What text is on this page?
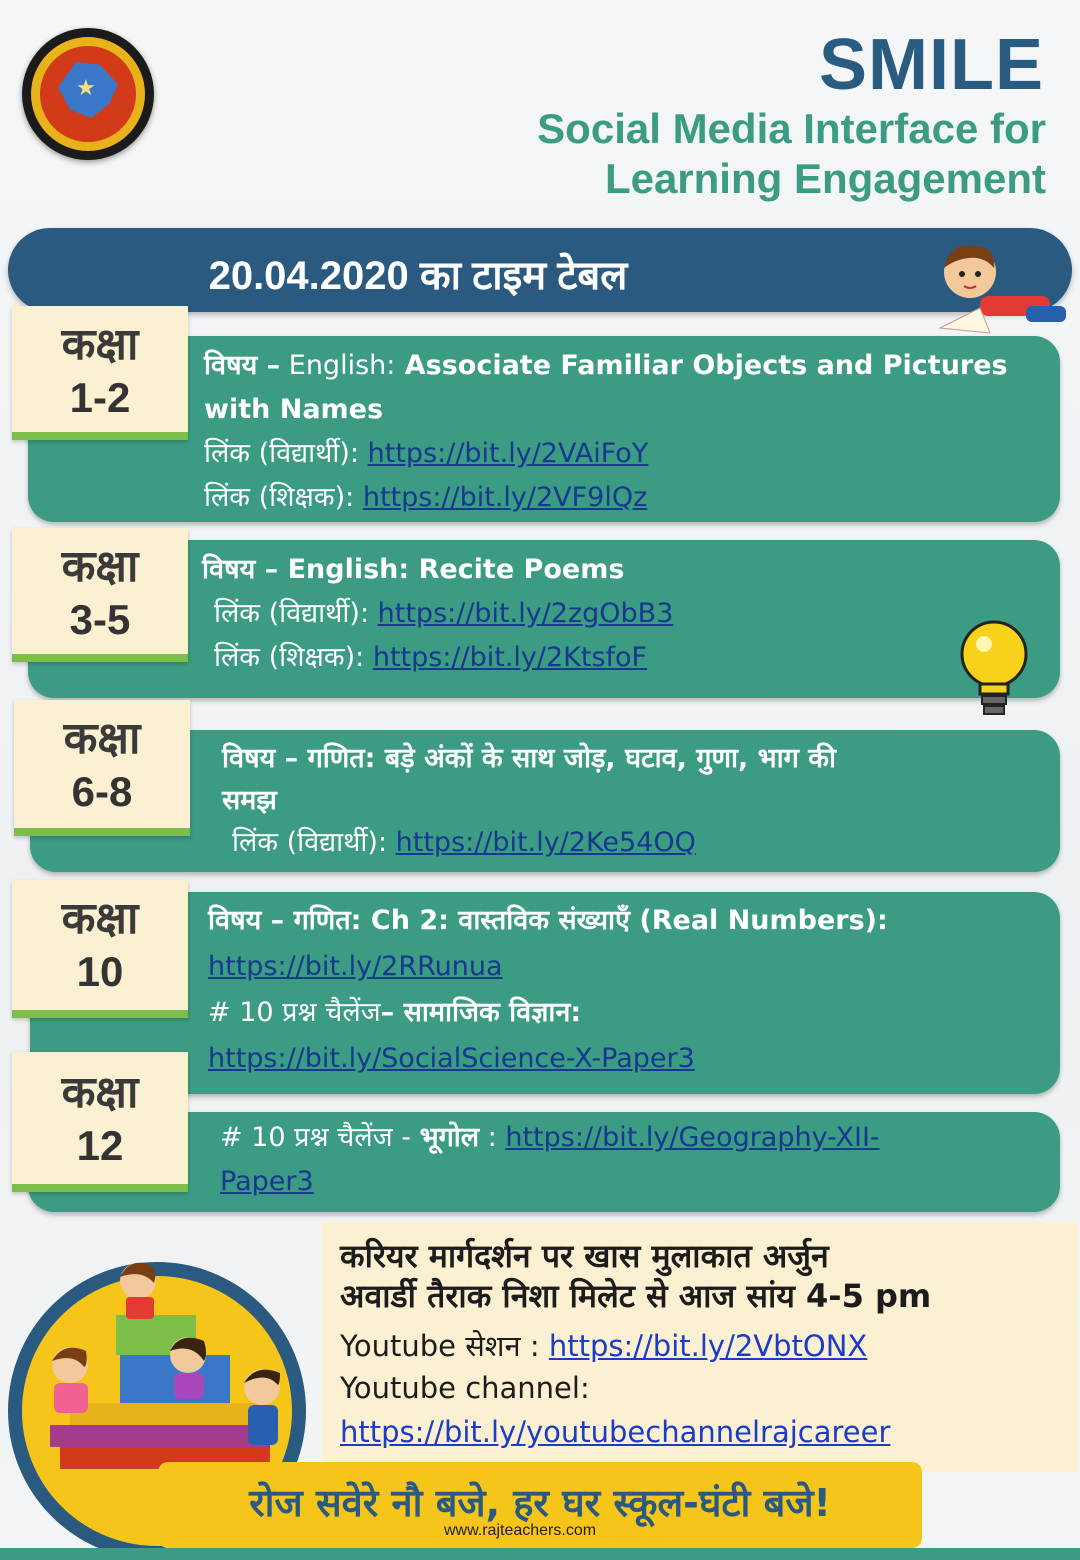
★	SMILE
Social Media Interface for
Learning Engagement
20.04.2020 का टाइम टेबल
विषय – English: Associate Familiar Objects and Pictures
with Names
लिंक (विद्यार्थी): https://bit.ly/2VAiFoY
लिंक (शिक्षक): https://bit.ly/2VF9lQz
कक्षा
1-2
विषय – English: Recite Poems
लिंक (विद्यार्थी): https://bit.ly/2zgObB3
लिंक (शिक्षक): https://bit.ly/2KtsfoF
कक्षा
3-5
विषय – गणित: बड़े अंकों के साथ जोड़, घटाव, गुणा, भाग की
समझ
लिंक (विद्यार्थी): https://bit.ly/2Ke54OQ
कक्षा
6-8
विषय – गणित: Ch 2: वास्तविक संख्याएँ (Real Numbers):
https://bit.ly/2RRunua
# 10 प्रश्न चैलेंज– सामाजिक विज्ञान:
https://bit.ly/SocialScience-X-Paper3
कक्षा
10
# 10 प्रश्न चैलेंज - भूगोल : https://bit.ly/Geography-XII-
Paper3
कक्षा
12
करियर मार्गदर्शन पर खास मुलाकात अर्जुन
अवार्डी तैराक निशा मिलेट से आज सांय 4-5 pm
Youtube सेशन : https://bit.ly/2VbtONX
Youtube channel:
https://bit.ly/youtubechannelrajcareer
रोज सवेरे नौ बजे, हर घर स्कूल-घंटी बजे!
www.rajteachers.com
